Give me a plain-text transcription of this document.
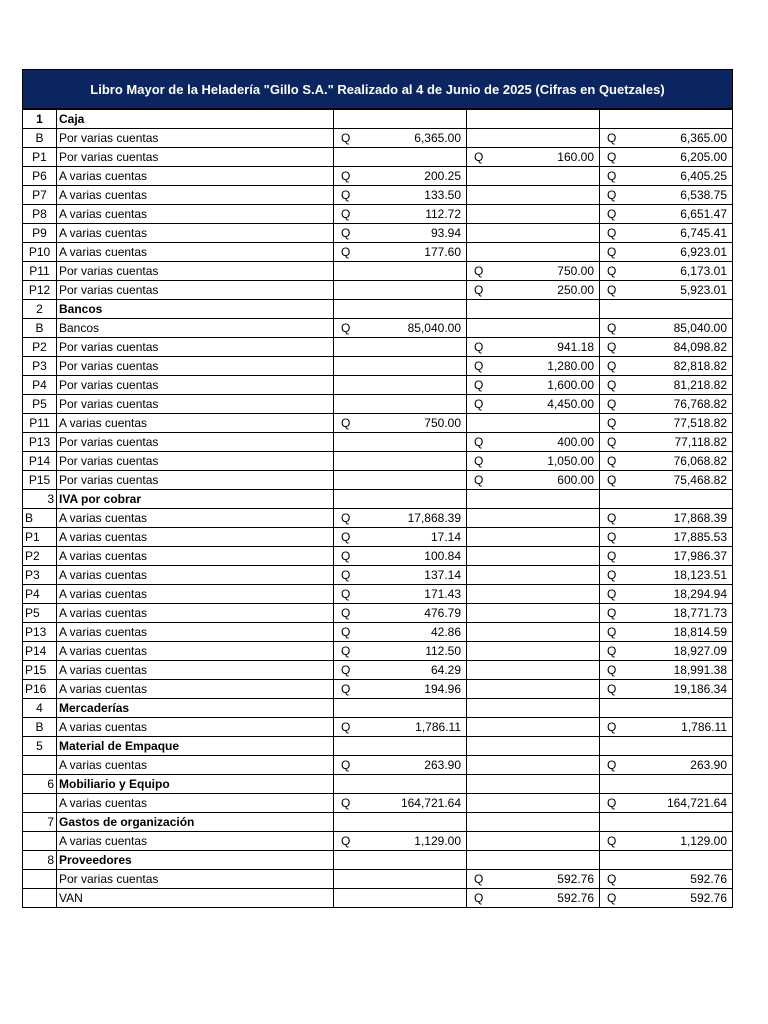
Libro Mayor de la Heladería "Gillo S.A." Realizado al 4 de Junio de 2025 (Cifras en Quetzales)
1	Caja			
B	Por varias cuentas	Q 6,365.00		Q 6,365.00

P1	Por varias cuentas		Q 160.00	Q 6,205.00

P6	A varias cuentas	Q 200.25		Q 6,405.25

P7	A varias cuentas	Q 133.50		Q 6,538.75

P8	A varias cuentas	Q 112.72		Q 6,651.47

P9	A varias cuentas	Q 93.94		Q 6,745.41

P10	A varias cuentas	Q 177.60		Q 6,923.01

P11	Por varias cuentas		Q 750.00	Q 6,173.01

P12	Por varias cuentas		Q 250.00	Q 5,923.01

2	Bancos			
B	Bancos	Q 85,040.00		Q 85,040.00

P2	Por varias cuentas		Q 941.18	Q 84,098.82

P3	Por varias cuentas		Q 1,280.00	Q 82,818.82

P4	Por varias cuentas		Q 1,600.00	Q 81,218.82

P5	Por varias cuentas		Q 4,450.00	Q 76,768.82

P11	A varias cuentas	Q 750.00		Q 77,518.82

P13	Por varias cuentas		Q 400.00	Q 77,118.82

P14	Por varias cuentas		Q 1,050.00	Q 76,068.82

P15	Por varias cuentas		Q 600.00	Q 75,468.82

3	IVA por cobrar			
B	A varias cuentas	Q 17,868.39		Q 17,868.39

P1	A varias cuentas	Q 17.14		Q 17,885.53

P2	A varias cuentas	Q 100.84		Q 17,986.37

P3	A varias cuentas	Q 137.14		Q 18,123.51

P4	A varias cuentas	Q 171.43		Q 18,294.94

P5	A varias cuentas	Q 476.79		Q 18,771.73

P13	A varias cuentas	Q 42.86		Q 18,814.59

P14	A varias cuentas	Q 112.50		Q 18,927.09

P15	A varias cuentas	Q 64.29		Q 18,991.38

P16	A varias cuentas	Q 194.96		Q 19,186.34

4	Mercaderías			
B	A varias cuentas	Q 1,786.11		Q 1,786.11

5	Material de Empaque			
	A varias cuentas	Q 263.90		Q 263.90

6	Mobiliario y Equipo			
	A varias cuentas	Q 164,721.64		Q 164,721.64

7	Gastos de organización			
	A varias cuentas	Q 1,129.00		Q 1,129.00

8	Proveedores			
	Por varias cuentas		Q 592.76	Q 592.76

	VAN		Q 592.76	Q 592.76
